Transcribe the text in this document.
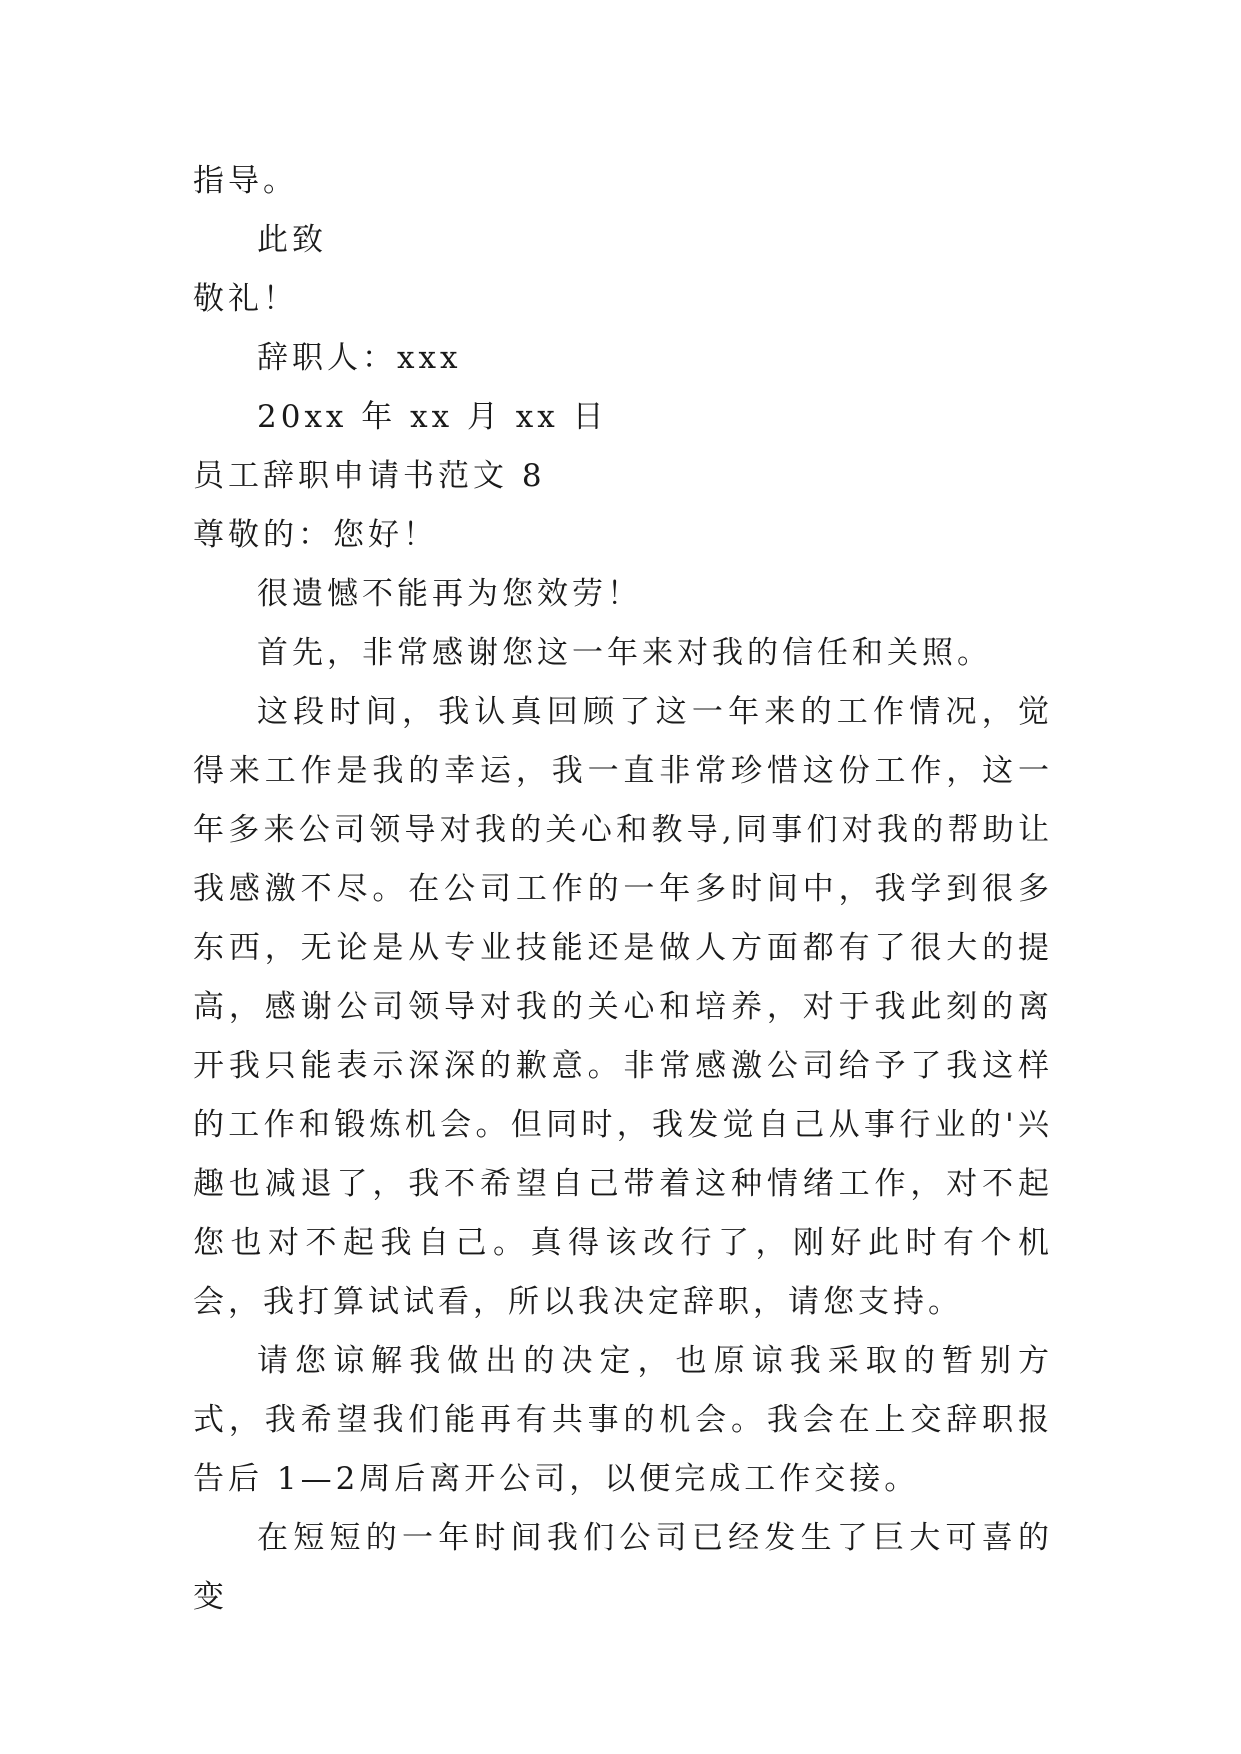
指导。
此致
敬礼！
辞职人：xxx
20xx 年 xx 月 xx 日
员工辞职申请书范文 8
尊敬的：您好！
很遗憾不能再为您效劳！
首先，非常感谢您这一年来对我的信任和关照。
这段时间，我认真回顾了这一年来的工作情况，觉得来工作是我的幸运，我一直非常珍惜这份工作，这一年多来公司领导对我的关心和教导,同事们对我的帮助让我感激不尽。在公司工作的一年多时间中，我学到很多东西，无论是从专业技能还是做人方面都有了很大的提高，感谢公司领导对我的关心和培养，对于我此刻的离开我只能表示深深的歉意。非常感激公司给予了我这样的工作和锻炼机会。但同时，我发觉自己从事行业的'兴趣也减退了，我不希望自己带着这种情绪工作，对不起您也对不起我自己。真得该改行了，刚好此时有个机会，我打算试试看，所以我决定辞职，请您支持。
请您谅解我做出的决定，也原谅我采取的暂别方式，我希望我们能再有共事的机会。我会在上交辞职报告后 1—2周后离开公司，以便完成工作交接。
在短短的一年时间我们公司已经发生了巨大可喜的变
